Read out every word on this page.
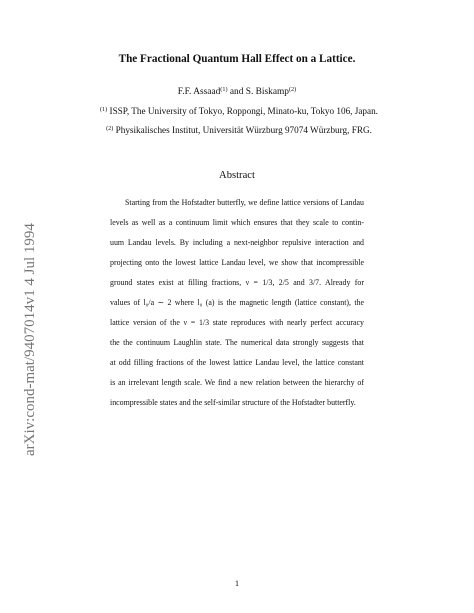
arXiv:cond-mat/9407014v1 4 Jul 1994
The Fractional Quantum Hall Effect on a Lattice.
F.F. Assaad$^{(1)}$ and S. Biskamp$^{(2)}$
$^{(1)}$ ISSP, The University of Tokyo, Roppongi, Minato-ku, Tokyo 106, Japan.
$^{(2)}$ Physikalisches Institut, Universität Würzburg 97074 Würzburg, FRG.
Abstract
Starting from the Hofstadter butterfly, we define lattice versions of Landau
levels as well as a continuum limit which ensures that they scale to contin-
uum Landau levels. By including a next-neighbor repulsive interaction and
projecting onto the lowest lattice Landau level, we show that incompressible
ground states exist at filling fractions, ν = 1/3, 2/5 and 3/7. Already for
values of l₀/a ∼ 2 where l₀ (a) is the magnetic length (lattice constant), the
lattice version of the ν = 1/3 state reproduces with nearly perfect accuracy
the the continuum Laughlin state. The numerical data strongly suggests that
at odd filling fractions of the lowest lattice Landau level, the lattice constant
is an irrelevant length scale. We find a new relation between the hierarchy of
incompressible states and the self-similar structure of the Hofstadter butterfly.
1
